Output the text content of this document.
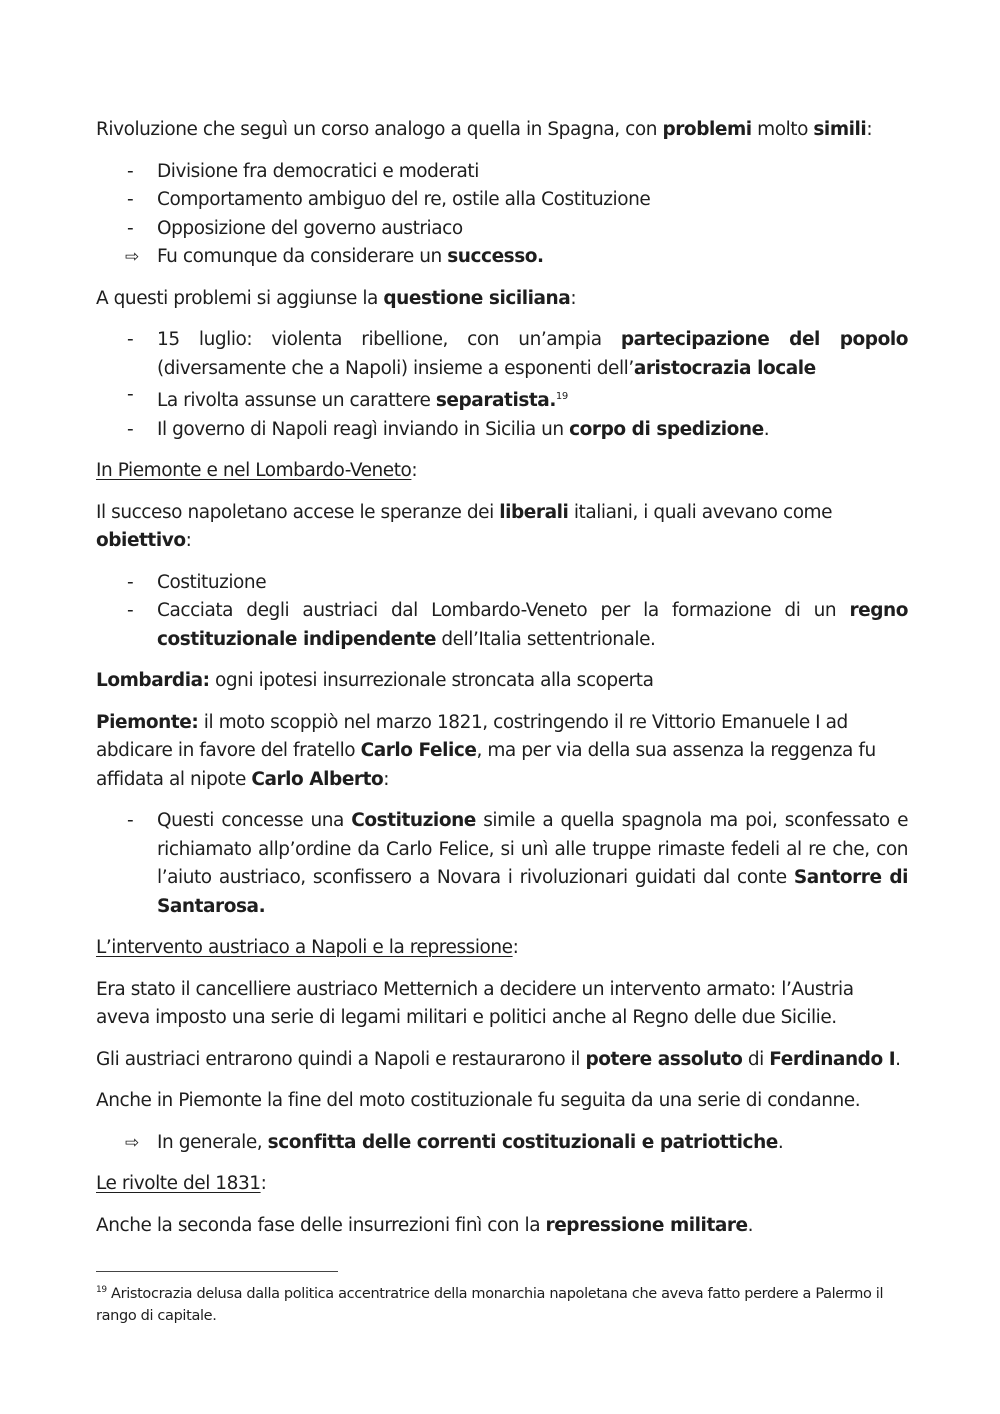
Rivoluzione che seguì un corso analogo a quella in Spagna, con problemi molto simili:

-	Divisione fra democratici e moderati
-	Comportamento ambiguo del re, ostile alla Costituzione
-	Opposizione del governo austriaco
⇨ Fu comunque da considerare un successo.

A questi problemi si aggiunse la questione siciliana:

-	15 luglio: violenta ribellione, con un’ampia partecipazione del popolo (diversamente che a Napoli) insieme a esponenti dell’aristocrazia locale
-	La rivolta assunse un carattere separatista.$^{19}$
-	Il governo di Napoli reagì inviando in Sicilia un corpo di spedizione.

In Piemonte e nel Lombardo-Veneto:

Il succeso napoletano accese le speranze dei liberali italiani, i quali avevano come obiettivo:

-	Costituzione
-	Cacciata degli austriaci dal Lombardo-Veneto per la formazione di un regno costituzionale indipendente dell’Italia settentrionale.

Lombardia: ogni ipotesi insurrezionale stroncata alla scoperta

Piemonte: il moto scoppiò nel marzo 1821, costringendo il re Vittorio Emanuele I ad abdicare in favore del fratello Carlo Felice, ma per via della sua assenza la reggenza fu affidata al nipote Carlo Alberto:

-	Questi concesse una Costituzione simile a quella spagnola ma poi, sconfessato e richiamato allp’ordine da Carlo Felice, si unì alle truppe rimaste fedeli al re che, con l’aiuto austriaco, sconfissero a Novara i rivoluzionari guidati dal conte Santorre di Santarosa.

L’intervento austriaco a Napoli e la repressione:

Era stato il cancelliere austriaco Metternich a decidere un intervento armato: l’Austria aveva imposto una serie di legami militari e politici anche al Regno delle due Sicilie.

Gli austriaci entrarono quindi a Napoli e restaurarono il potere assoluto di Ferdinando I.

Anche in Piemonte la fine del moto costituzionale fu seguita da una serie di condanne.

⇨ In generale, sconfitta delle correnti costituzionali e patriottiche.

Le rivolte del 1831:

Anche la seconda fase delle insurrezioni finì con la repressione militare.

$^{19}$ Aristocrazia delusa dalla politica accentratrice della monarchia napoletana che aveva fatto perdere a Palermo il rango di capitale.
